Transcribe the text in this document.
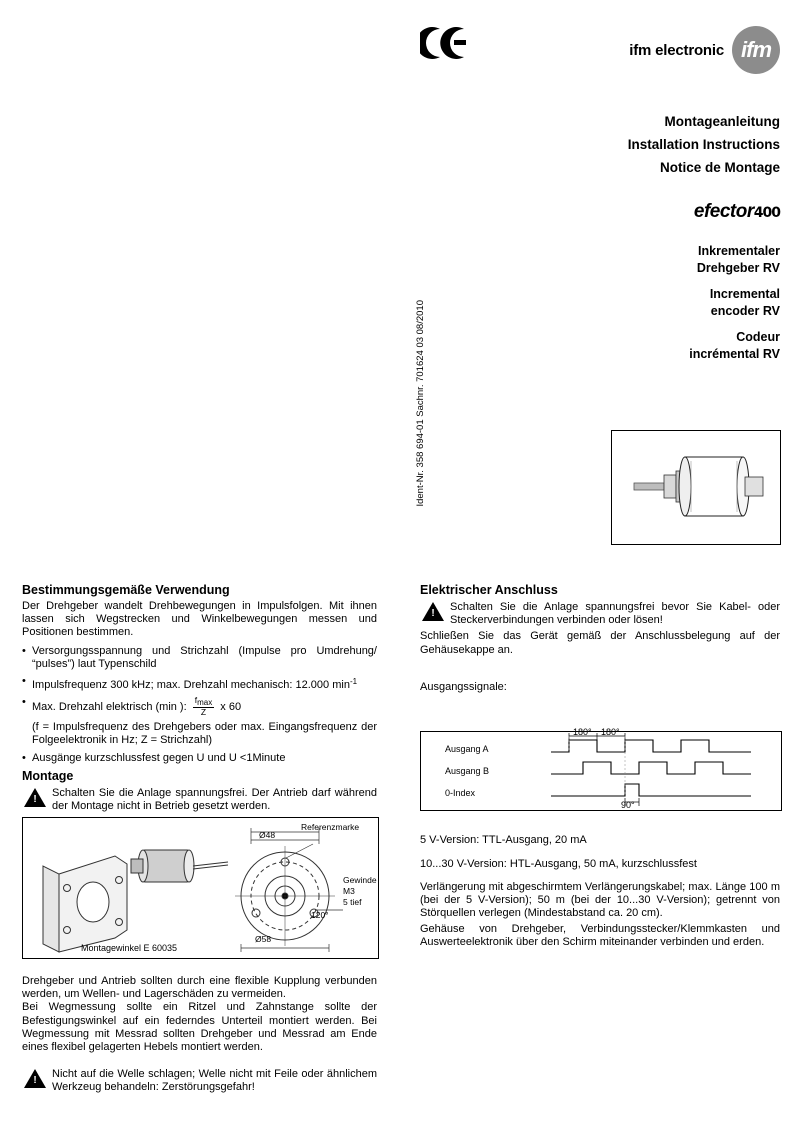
ifm electronic ifm
Montageanleitung
Installation Instructions
Notice de Montage
efector400
Inkrementaler
Drehgeber RV
Incremental
encoder RV
Codeur
incrémental RV
Ident-Nr. 358 694-01 Sachnr. 701624 03 08/2010
Bestimmungsgemäße Verwendung

Der Drehgeber wandelt Drehbewegungen in Impulsfolgen. Mit ihnen lassen sich Wegstrecken und Winkelbewegungen messen und Positionen bestimmen.

• Versorgungsspannung und Strichzahl (Impulse pro Umdrehung/ “pulses”) laut Typenschild
• Impulsfrequenz 300 kHz; max. Drehzahl mechanisch: 12.000 $\min^{-1}$
• Max. Drehzahl elektrisch (min ): $\frac{fmax}{Z}$ x 60
(f = Impulsfrequenz des Drehgebers oder max. Eingangsfrequenz der Folgeelektronik in Hz; Z = Strichzahl)
• Ausgänge kurzschlussfest gegen U und U <1Minute
Montage
!

Schalten Sie die Anlage spannungsfrei. Der Antrieb darf während der Montage nicht in Betrieb gesetzt werden.

Ø48
Ø58
Referenzmarke
Gewinde
M3
5 tief
120°
Montagewinkel E 60035

Drehgeber und Antrieb sollten durch eine flexible Kupplung verbunden werden, um Wellen- und Lagerschäden zu vermeiden.

Bei Wegmessung sollte ein Ritzel und Zahnstange sollte der Befestigungswinkel auf ein federndes Unterteil montiert werden. Bei Wegmessung mit Messrad sollten Drehgeber und Messrad am Ende eines flexibel gelagerten Hebels montiert werden.

!

Nicht auf die Welle schlagen; Welle nicht mit Feile oder ähnlichem Werkzeug behandeln: Zerstörungsgefahr!

Elektrischer Anschluss
!

Schalten Sie die Anlage spannungsfrei bevor Sie Kabel- oder Steckerverbindungen verbinden oder lösen!

Schließen Sie das Gerät gemäß der Anschlussbelegung auf der Gehäusekappe an.

Ausgangssignale:

Ausgang A
Ausgang B
0-Index
180° 180°
90°

5 V-Version: TTL-Ausgang, 20 mA

10...30 V-Version: HTL-Ausgang, 50 mA, kurzschlussfest

Verlängerung mit abgeschirmtem Verlängerungskabel; max. Länge 100 m (bei der 5 V-Version); 50 m (bei der 10...30 V-Version); getrennt von Störquellen verlegen (Mindestabstand ca. 20 cm).

Gehäuse von Drehgeber, Verbindungsstecker/Klemmkasten und Auswerteelektronik über den Schirm miteinander verbinden und erden.
